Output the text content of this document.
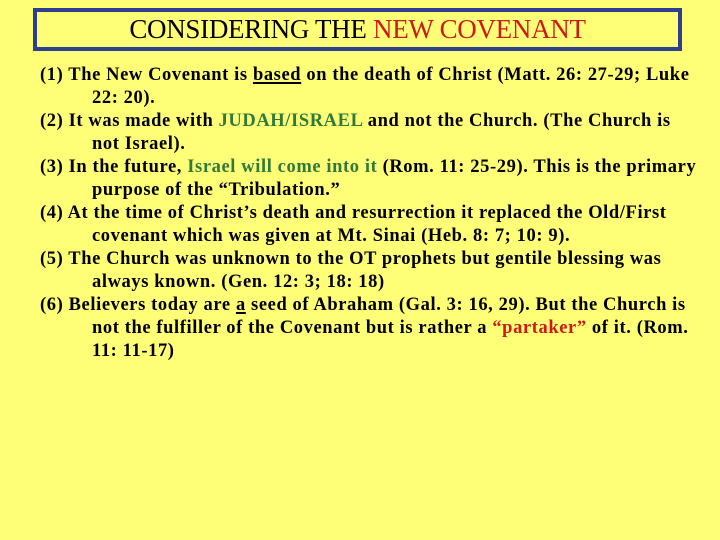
CONSIDERING THE NEW COVENANT

(1) The New Covenant is based on the death of Christ (Matt. 26: 27-29; Luke 22: 20).

(2) It was made with JUDAH/ISRAEL and not the Church. (The Church is not Israel).

(3) In the future, Israel will come into it (Rom. 11: 25-29). This is the primary purpose of the “Tribulation.”

(4) At the time of Christ’s death and resurrection it replaced the Old/First covenant which was given at Mt. Sinai (Heb. 8: 7; 10: 9).

(5) The Church was unknown to the OT prophets but gentile blessing was always known. (Gen. 12: 3; 18: 18)

(6) Believers today are a seed of Abraham (Gal. 3: 16, 29). But the Church is not the fulfiller of the Covenant but is rather a “partaker” of it. (Rom. 11: 11-17)
